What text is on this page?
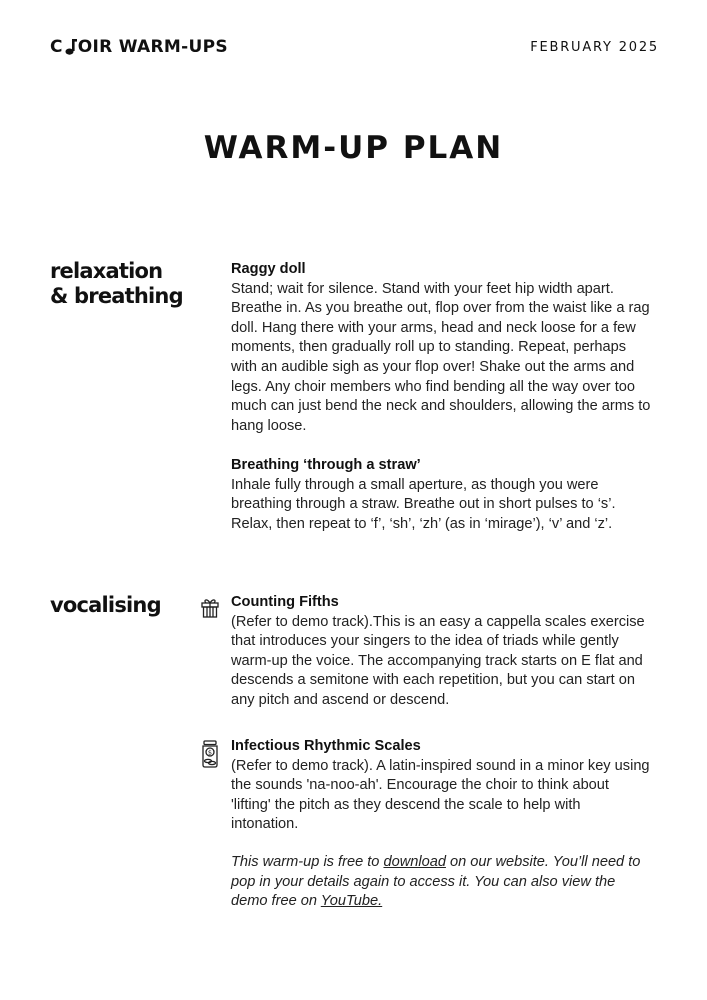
C OIR WARM-UPS	FEBRUARY 2025
WARM-UP PLAN
relaxation
& breathing
Raggy doll

Stand; wait for silence. Stand with your feet hip width apart. Breathe in. As you breathe out, flop over from the waist like a rag doll. Hang there with your arms, head and neck loose for a few moments, then gradually roll up to standing. Repeat, perhaps with an audible sigh as your flop over! Shake out the arms and legs. Any choir members who find bending all the way over too much can just bend the neck and shoulders, allowing the arms to hang loose.

Breathing ‘through a straw’

Inhale fully through a small aperture, as though you were breathing through a straw. Breathe out in short pulses to ‘s’. Relax, then repeat to ‘f’, ‘sh’, ‘zh’ (as in ‘mirage’), ‘v’ and ‘z’.

vocalising	Counting Fifths

(Refer to demo track).This is an easy a cappella scales exercise that introduces your singers to the idea of triads while gently warm-up the voice. The accompanying track starts on E flat and descends a semitone with each repetition, but you can start on any pitch and ascend or descend.

$ Infectious Rhythmic Scales

(Refer to demo track). A latin-inspired sound in a minor key using the sounds 'na-noo-ah'. Encourage the choir to think about 'lifting' the pitch as they descend the scale to help with intonation.

This warm-up is free to download on our website. You’ll need to pop in your details again to access it. You can also view the demo free on YouTube.
